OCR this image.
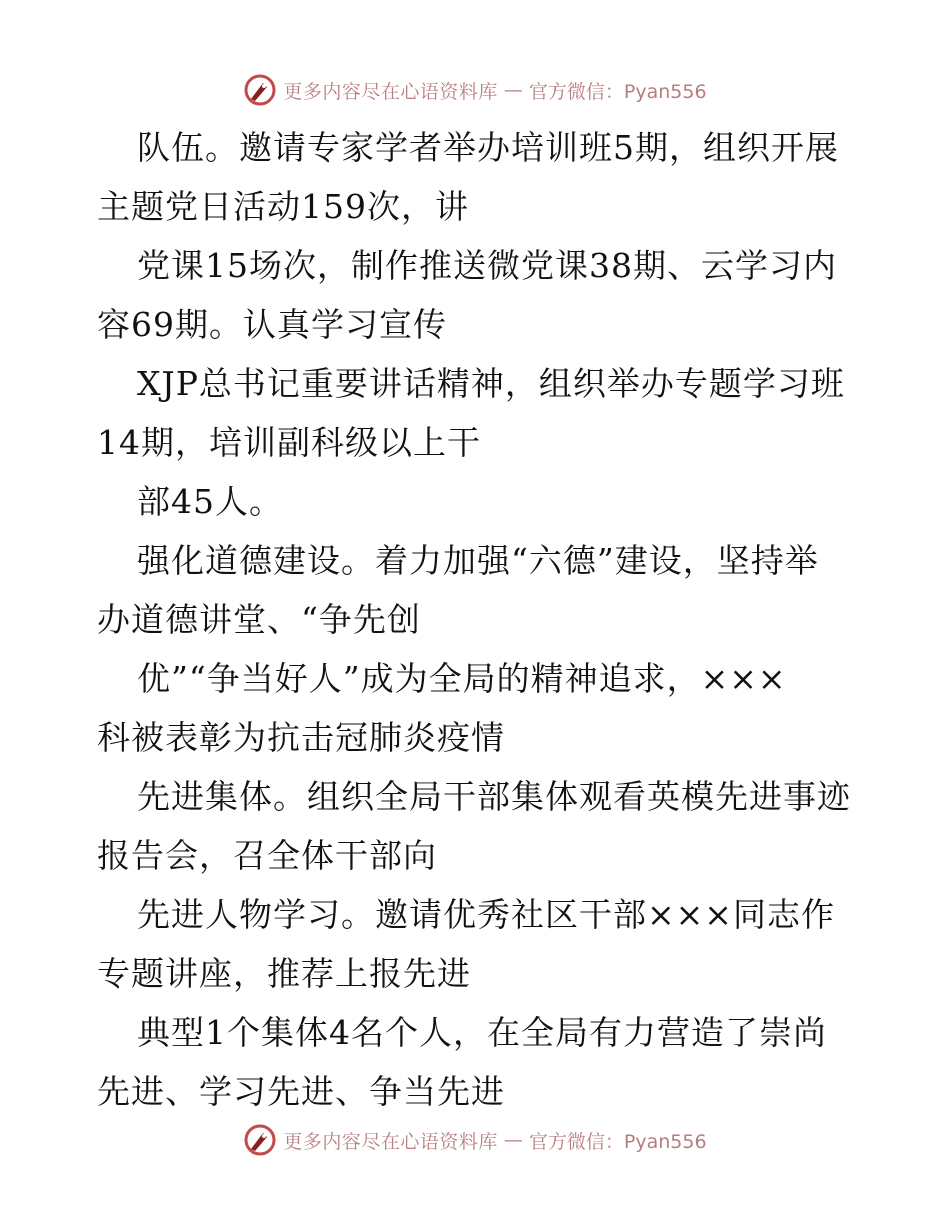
更多内容尽在心语资料库 — 官方微信：Pyan556
队伍。邀请专家学者举办培训班5期，组织开展
主题党日活动159次，讲
党课15场次，制作推送微党课38期、云学习内
容69期。认真学习宣传
XJP总书记重要讲话精神，组织举办专题学习班
14期，培训副科级以上干
部45人。
强化道德建设。着力加强“六德”建设，坚持举
办道德讲堂、“争先创
优”“争当好人”成为全局的精神追求，×××
科被表彰为抗击冠肺炎疫情
先进集体。组织全局干部集体观看英模先进事迹
报告会，召全体干部向
先进人物学习。邀请优秀社区干部×××同志作
专题讲座，推荐上报先进
典型1个集体4名个人，在全局有力营造了崇尚
先进、学习先进、争当先进
更多内容尽在心语资料库 — 官方微信：Pyan556
